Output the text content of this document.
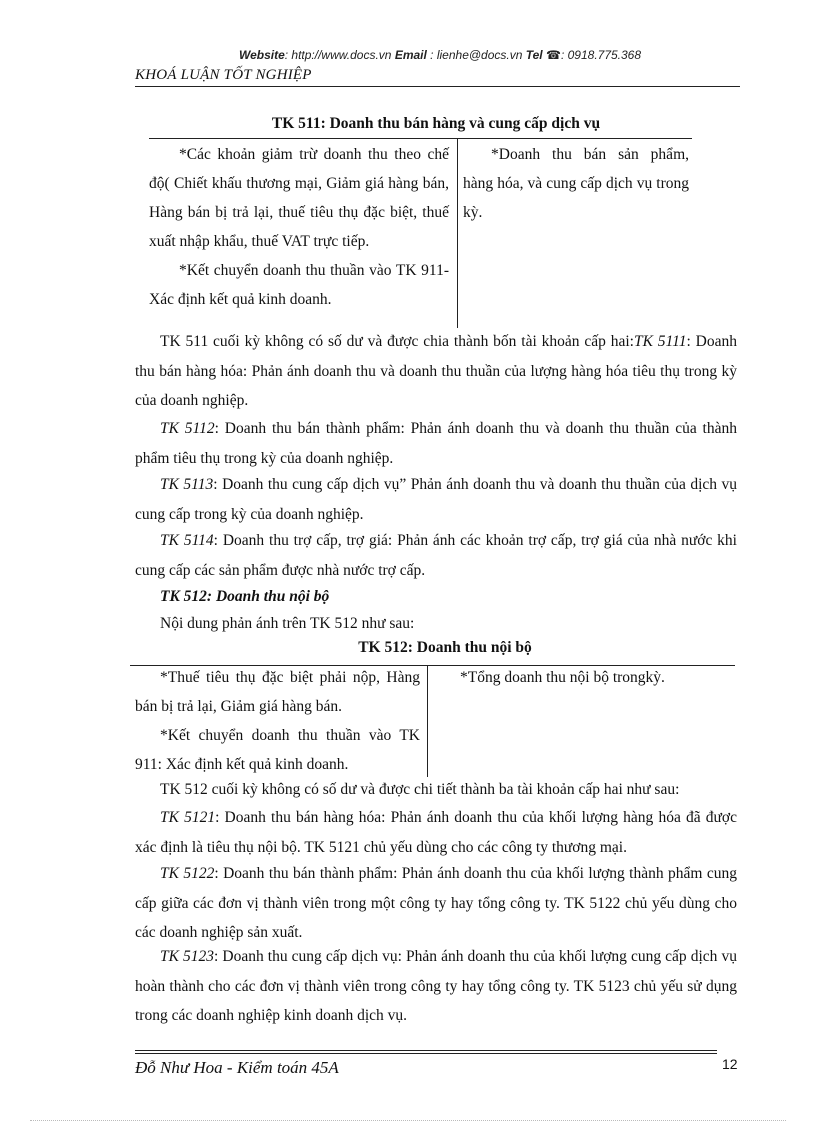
Website: http://www.docs.vn Email : lienhe@docs.vn Tel ☎: 0918.775.368
KHOÁ LUẬN TỐT NGHIỆP
TK 511: Doanh thu bán hàng và cung cấp dịch vụ
*Các khoản giảm trừ doanh thu theo chế độ( Chiết khấu thương mại, Giảm giá hàng bán, Hàng bán bị trả lại, thuế tiêu thụ đặc biệt, thuế xuất nhập khẩu, thuế VAT trực tiếp.
*Kết chuyển doanh thu thuần vào TK 911-Xác định kết quả kinh doanh.
*Doanh thu bán sản phẩm, hàng hóa, và cung cấp dịch vụ trong kỳ.
TK 511 cuối kỳ không có số dư và được chia thành bốn tài khoản cấp hai:TK 5111: Doanh thu bán hàng hóa: Phản ánh doanh thu và doanh thu thuần của lượng hàng hóa tiêu thụ trong kỳ của doanh nghiệp.
TK 5112: Doanh thu bán thành phẩm: Phản ánh doanh thu và doanh thu thuần của thành phẩm tiêu thụ trong kỳ của doanh nghiệp.
TK 5113: Doanh thu cung cấp dịch vụ” Phản ánh doanh thu và doanh thu thuần của dịch vụ cung cấp trong kỳ của doanh nghiệp.
TK 5114: Doanh thu trợ cấp, trợ giá: Phản ánh các khoản trợ cấp, trợ giá của nhà nước khi cung cấp các sản phẩm được nhà nước trợ cấp.
TK 512: Doanh thu nội bộ
Nội dung phản ánh trên TK 512 như sau:
TK 512: Doanh thu nội bộ
*Thuế tiêu thụ đặc biệt phải nộp, Hàng bán bị trả lại, Giảm giá hàng bán.
*Kết chuyển doanh thu thuần vào TK 911: Xác định kết quả kinh doanh.
*Tổng doanh thu nội bộ trongkỳ.
TK 512 cuối kỳ không có số dư và được chi tiết thành ba tài khoản cấp hai như sau:
TK 5121: Doanh thu bán hàng hóa: Phản ánh doanh thu của khối lượng hàng hóa đã được xác định là tiêu thụ nội bộ. TK 5121 chủ yếu dùng cho các công ty thương mại.
TK 5122: Doanh thu bán thành phẩm: Phản ánh doanh thu của khối lượng thành phẩm cung cấp giữa các đơn vị thành viên trong một công ty hay tổng công ty. TK 5122 chủ yếu dùng cho các doanh nghiệp sản xuất.
TK 5123: Doanh thu cung cấp dịch vụ: Phản ánh doanh thu của khối lượng cung cấp dịch vụ hoàn thành cho các đơn vị thành viên trong công ty hay tổng công ty. TK 5123 chủ yếu sử dụng trong các doanh nghiệp kinh doanh dịch vụ.
Đỗ Như Hoa - Kiểm toán 45A	12
